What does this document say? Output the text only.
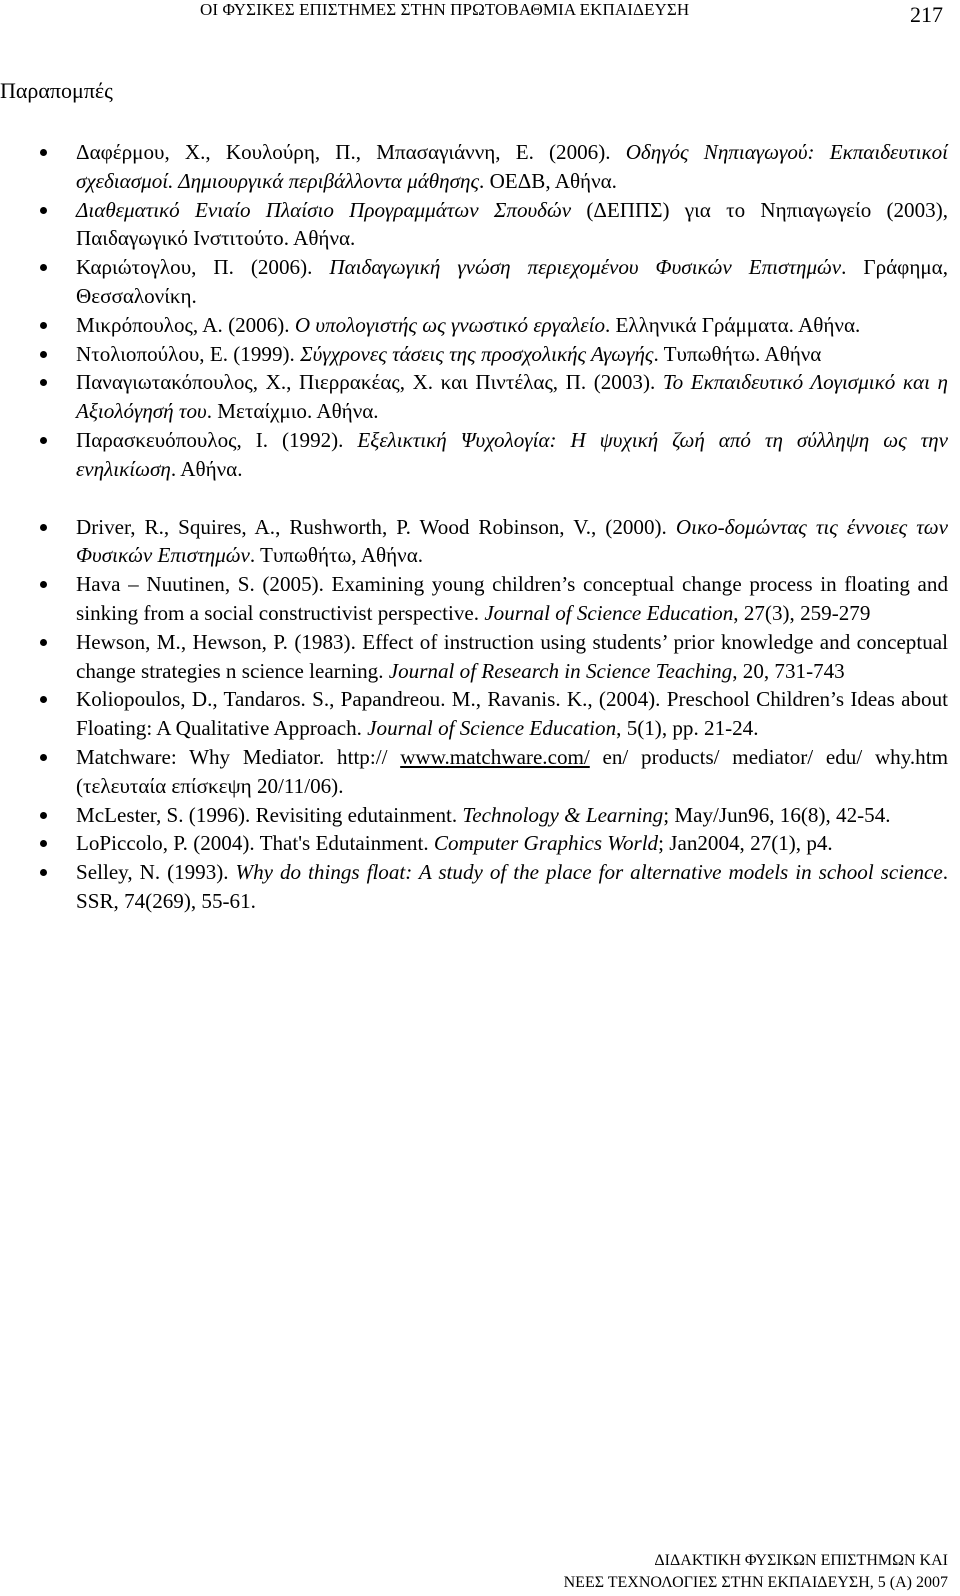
ΟΙ ΦΥΣΙΚΕΣ ΕΠΙΣΤΗΜΕΣ ΣΤΗΝ ΠΡΩΤΟΒΑΘΜΙΑ ΕΚΠΑΙΔΕΥΣΗ	217
Παραπομπές
Δαφέρμου, Χ., Κουλούρη, Π., Μπασαγιάννη, Ε. (2006). Οδηγός Νηπιαγωγού: Εκπαιδευτικοί σχεδιασμοί. Δημιουργικά περιβάλλοντα μάθησης. ΟΕΔΒ, Αθήνα.
Διαθεματικό Ενιαίο Πλαίσιο Προγραμμάτων Σπουδών (ΔΕΠΠΣ) για το Νηπιαγωγείο (2003), Παιδαγωγικό Ινστιτούτο. Αθήνα.
Καριώτογλου, Π. (2006). Παιδαγωγική γνώση περιεχομένου Φυσικών Επιστημών. Γράφημα, Θεσσαλονίκη.
Μικρόπουλος, Α. (2006). Ο υπολογιστής ως γνωστικό εργαλείο. Ελληνικά Γράμματα. Αθήνα.
Ντολιοπούλου, Ε. (1999). Σύγχρονες τάσεις της προσχολικής Αγωγής. Τυπωθήτω. Αθήνα
Παναγιωτακόπουλος, Χ., Πιερρακέας, Χ. και Πιντέλας, Π. (2003). Το Εκπαιδευτικό Λογισμικό και η Αξιολόγησή του. Μεταίχμιο. Αθήνα.
Παρασκευόπουλος, Ι. (1992). Εξελικτική Ψυχολογία: Η ψυχική ζωή από τη σύλληψη ως την ενηλικίωση. Αθήνα.
Driver, R., Squires, A., Rushworth, P. Wood Robinson, V., (2000). Οικο-δομώντας τις έννοιες των Φυσικών Επιστημών. Τυπωθήτω, Αθήνα.
Hava – Nuutinen, S. (2005). Examining young children’s conceptual change process in floating and sinking from a social constructivist perspective. Journal of Science Education, 27(3), 259-279
Hewson, M., Hewson, P. (1983). Effect of instruction using students’ prior knowledge and conceptual change strategies n science learning. Journal of Research in Science Teaching, 20, 731-743
Koliopoulos, D., Tandaros. S., Papandreou. M., Ravanis. K., (2004). Preschool Children’s Ideas about Floating: A Qualitative Approach. Journal of Science Education, 5(1), pp. 21-24.
Matchware: Why Mediator. http:// www.matchware.com/ en/ products/ mediator/ edu/ why.htm (τελευταία επίσκεψη 20/11/06).
McLester, S. (1996). Revisiting edutainment. Technology & Learning; May/Jun96, 16(8), 42-54.
LoPiccolo, P. (2004). That's Edutainment. Computer Graphics World; Jan2004, 27(1), p4.
Selley, N. (1993). Why do things float: A study of the place for alternative models in school science. SSR, 74(269), 55-61.
ΔΙΔΑΚΤΙΚΗ ΦΥΣΙΚΩΝ ΕΠΙΣΤΗΜΩΝ ΚΑΙ
ΝΕΕΣ ΤΕΧΝΟΛΟΓΙΕΣ ΣΤΗΝ ΕΚΠΑΙΔΕΥΣΗ, 5 (Α) 2007
